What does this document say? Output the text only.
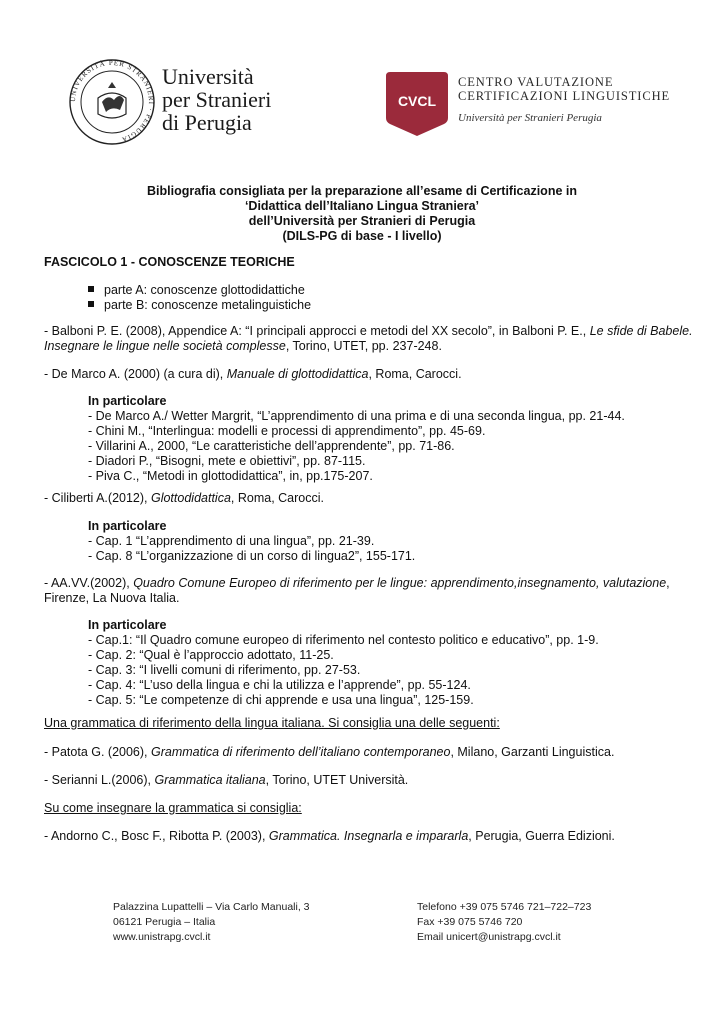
UNIVERSITÀ PER STRANIERI · PERUGIA
Università
per Stranieri
di Perugia
CVCL
CENTRO VALUTAZIONE
CERTIFICAZIONI LINGUISTICHE
Università per Stranieri Perugia
Bibliografia consigliata per la preparazione all’esame di Certificazione in
‘Didattica dell’Italiano Lingua Straniera’
dell’Università per Stranieri di Perugia
(DILS-PG di base - I livello)
FASCICOLO 1 - CONOSCENZE TEORICHE
parte A: conoscenze glottodidattiche
parte B: conoscenze metalinguistiche
- Balboni P. E. (2008), Appendice A: “I principali approcci e metodi del XX secolo”, in Balboni P. E., Le sfide di Babele.
Insegnare le lingue nelle società complesse, Torino, UTET, pp. 237-248.
- De Marco A. (2000) (a cura di), Manuale di glottodidattica, Roma, Carocci.
In particolare
- De Marco A./ Wetter Margrit, “L’apprendimento di una prima e di una seconda lingua, pp. 21-44.
- Chini M., “Interlingua: modelli e processi di apprendimento”, pp. 45-69.
- Villarini A., 2000, “Le caratteristiche dell’apprendente”, pp. 71-86.
- Diadori P., “Bisogni, mete e obiettivi”, pp. 87-115.
- Piva C., “Metodi in glottodidattica”, in, pp.175-207.
- Ciliberti A.(2012), Glottodidattica, Roma, Carocci.
In particolare
- Cap. 1 “L’apprendimento di una lingua”, pp. 21-39.
- Cap. 8 “L’organizzazione di un corso di lingua2”, 155-171.
- AA.VV.(2002), Quadro Comune Europeo di riferimento per le lingue: apprendimento,insegnamento, valutazione,
Firenze, La Nuova Italia.
In particolare
- Cap.1: “Il Quadro comune europeo di riferimento nel contesto politico e educativo”, pp. 1-9.
- Cap. 2: “Qual è l’approccio adottato, 11-25.
- Cap. 3: “I livelli comuni di riferimento, pp. 27-53.
- Cap. 4: “L’uso della lingua e chi la utilizza e l’apprende”, pp. 55-124.
- Cap. 5: “Le competenze di chi apprende e usa una lingua”, 125-159.
Una grammatica di riferimento della lingua italiana. Si consiglia una delle seguenti:
- Patota G. (2006), Grammatica di riferimento dell’italiano contemporaneo, Milano, Garzanti Linguistica.
- Serianni L.(2006), Grammatica italiana, Torino, UTET Università.
Su come insegnare la grammatica si consiglia:
- Andorno C., Bosc F., Ribotta P. (2003), Grammatica. Insegnarla e impararla, Perugia, Guerra Edizioni.
Palazzina Lupattelli – Via Carlo Manuali, 3
06121 Perugia – Italia
www.unistrapg.cvcl.it
Telefono +39 075 5746 721–722–723
Fax +39 075 5746 720
Email unicert@unistrapg.cvcl.it
